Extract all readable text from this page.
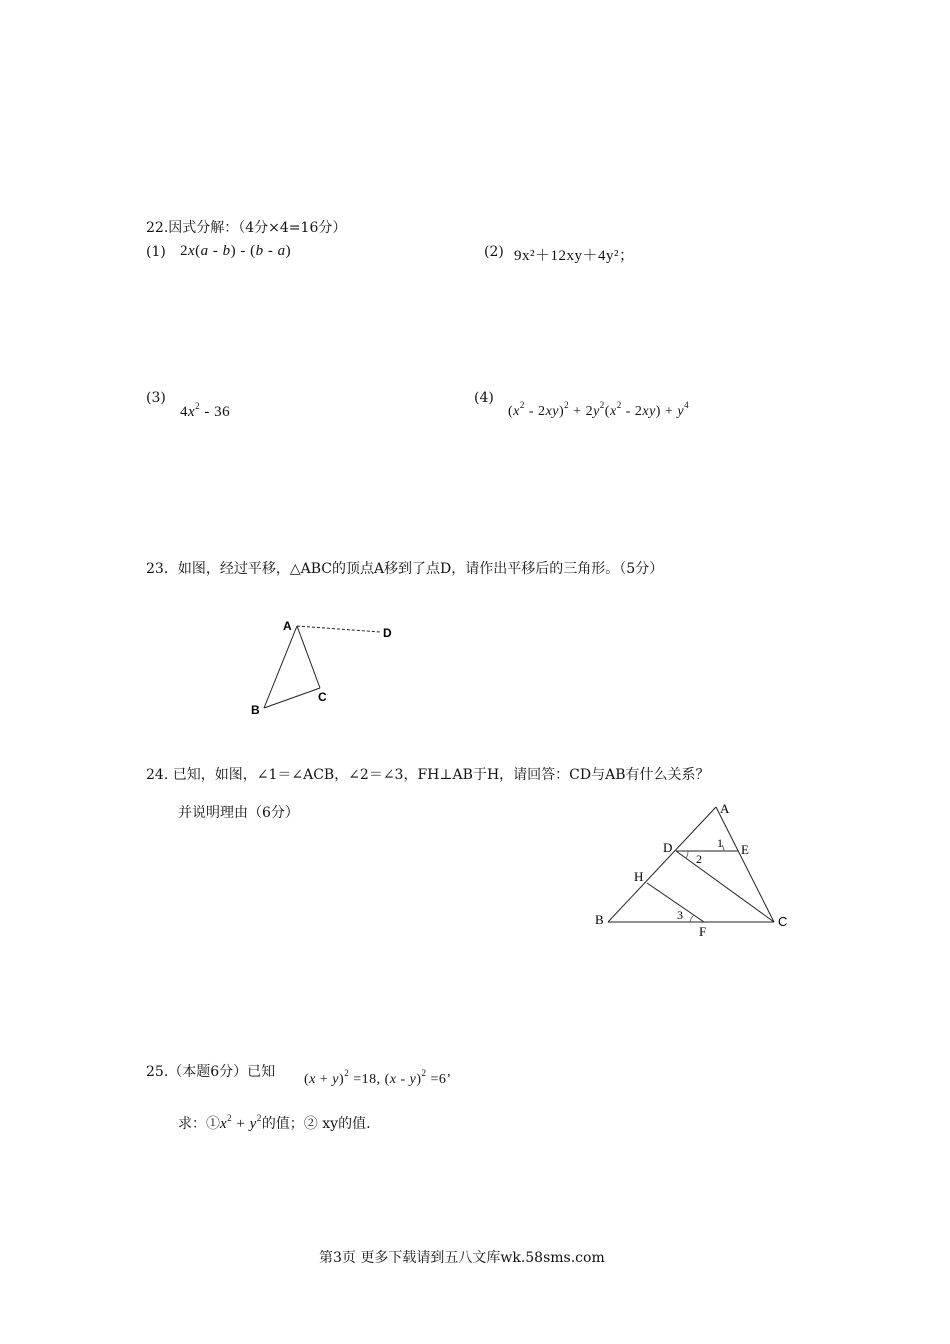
22.因式分解：（4分×4=16分）
(1) 2x(a - b) - (b - a)	(2) 9x²＋12xy＋4y²；
(3)
$4x^2 - 36$
(4)
$(x^2 - 2xy)^2 + 2y^2(x^2 - 2xy) + y^4$
23．如图，经过平移，△ABC的顶点A移到了点D，请作出平移后的三角形。（5分）
A	D
B
C
24. 已知，如图，∠1＝∠ACB，∠2＝∠3，FH⊥AB于H，请回答：CD与AB有什么关系？
并说明理由（6分）	A
D	E
H
B	C
F
1
2
3
25.（本题6分）已知 $(x + y)^2 =18$, (x - y)$^2$ =6’
求：$①x^2 + y^2$的值；② xy的值.
第3页 更多下载请到五八文库wk.58sms.com
